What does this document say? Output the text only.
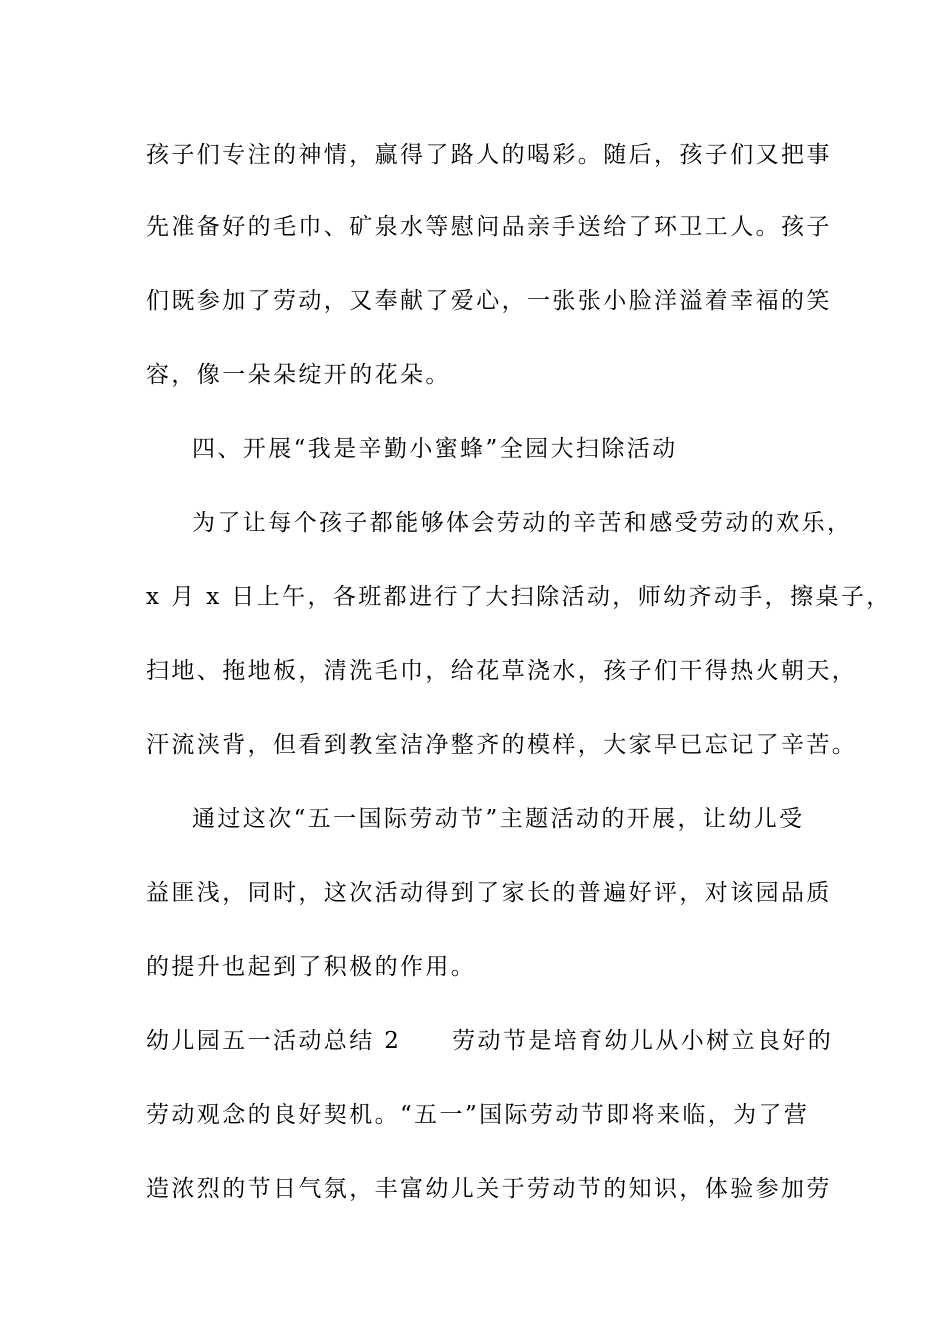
孩子们专注的神情，赢得了路人的喝彩。随后，孩子们又把事
先准备好的毛巾、矿泉水等慰问品亲手送给了环卫工人。孩子
们既参加了劳动，又奉献了爱心，一张张小脸洋溢着幸福的笑
容，像一朵朵绽开的花朵。
四、开展“我是辛勤小蜜蜂”全园大扫除活动
为了让每个孩子都能够体会劳动的辛苦和感受劳动的欢乐，
x 月 x 日上午，各班都进行了大扫除活动，师幼齐动手，擦桌子，
扫地、拖地板，清洗毛巾，给花草浇水，孩子们干得热火朝天，
汗流浃背，但看到教室洁净整齐的模样，大家早已忘记了辛苦。
通过这次“五一国际劳动节”主题活动的开展，让幼儿受
益匪浅，同时，这次活动得到了家长的普遍好评，对该园品质
的提升也起到了积极的作用。
幼儿园五一活动总结 2　　劳动节是培育幼儿从小树立良好的
劳动观念的良好契机。“五一”国际劳动节即将来临，为了营
造浓烈的节日气氛，丰富幼儿关于劳动节的知识，体验参加劳
